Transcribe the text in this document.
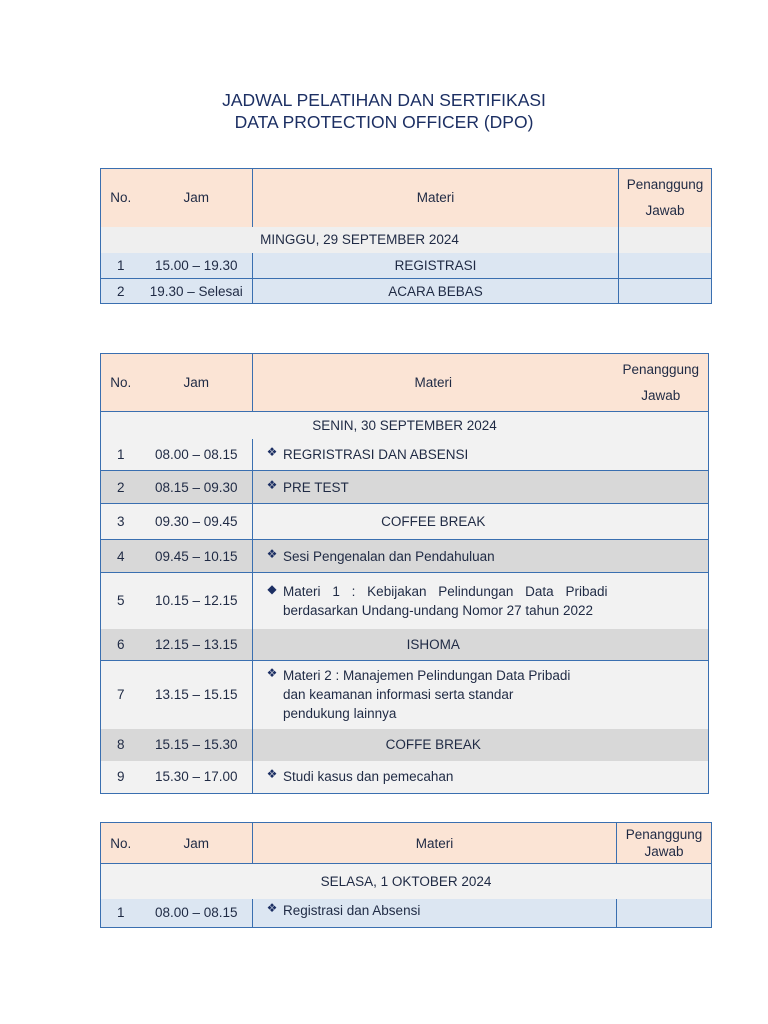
JADWAL PELATIHAN DAN SERTIFIKASI
DATA PROTECTION OFFICER (DPO)
No.	Jam	Materi	Penanggung
Jawab
MINGGU, 29 SEPTEMBER 2024			
1	15.00 – 19.30	REGISTRASI	
2	19.30 – Selesai	ACARA BEBAS	
No.	Jam	Materi	Penanggung
Jawab
SENIN, 30 SEPTEMBER 2024			
1	08.00 – 08.15	❖ REGRISTRASI DAN ABSENSI	

2	08.15 – 09.30	❖ PRE TEST	

3	09.30 – 09.45	COFFEE BREAK	
4	09.45 – 10.15	❖ Sesi Pengenalan dan Pendahuluan	

5	10.15 – 12.15	◆ Materi 1 : Kebijakan Pelindungan Data Pribadi berdasarkan Undang-undang Nomor 27 tahun 2022	

6	12.15 – 13.15	ISHOMA	
7	13.15 – 15.15	❖ Materi 2 : Manajemen Pelindungan Data Pribadi dan keamanan informasi serta standar pendukung lainnya	

8	15.15 – 15.30	COFFE BREAK	
9	15.30 – 17.00	❖ Studi kasus dan pemecahan	

No.	Jam	Materi	Penanggung
Jawab
SELASA, 1 OKTOBER 2024			
1	08.00 – 08.15	❖ Registrasi dan Absensi	
